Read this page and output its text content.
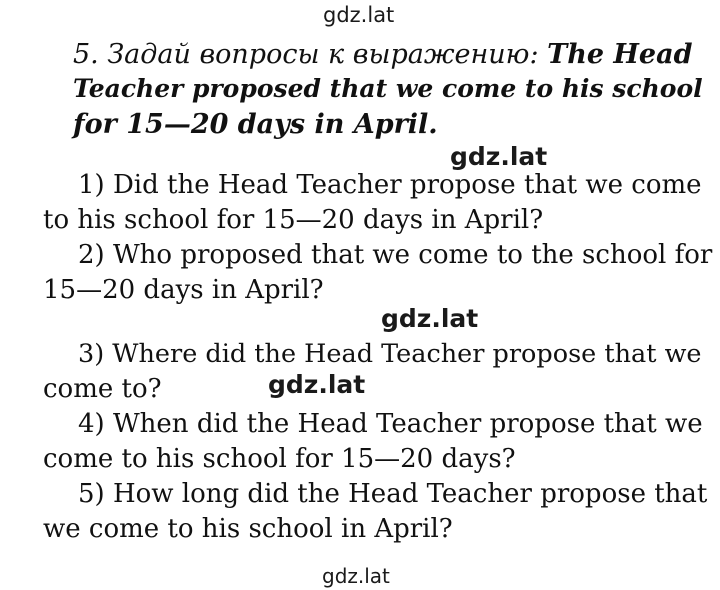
gdz.lat
gdz.lat
gdz.lat
gdz.lat
gdz.lat
5. Задай вопросы к выражению: The Head
Teacher proposed that we come to his school
for 15—20 days in April.
1) Did the Head Teacher propose that we come
to his school for 15—20 days in April?
2) Who proposed that we come to the school for
15—20 days in April?
3) Where did the Head Teacher propose that we
come to?
4) When did the Head Teacher propose that we
come to his school for 15—20 days?
5) How long did the Head Teacher propose that
we come to his school in April?
